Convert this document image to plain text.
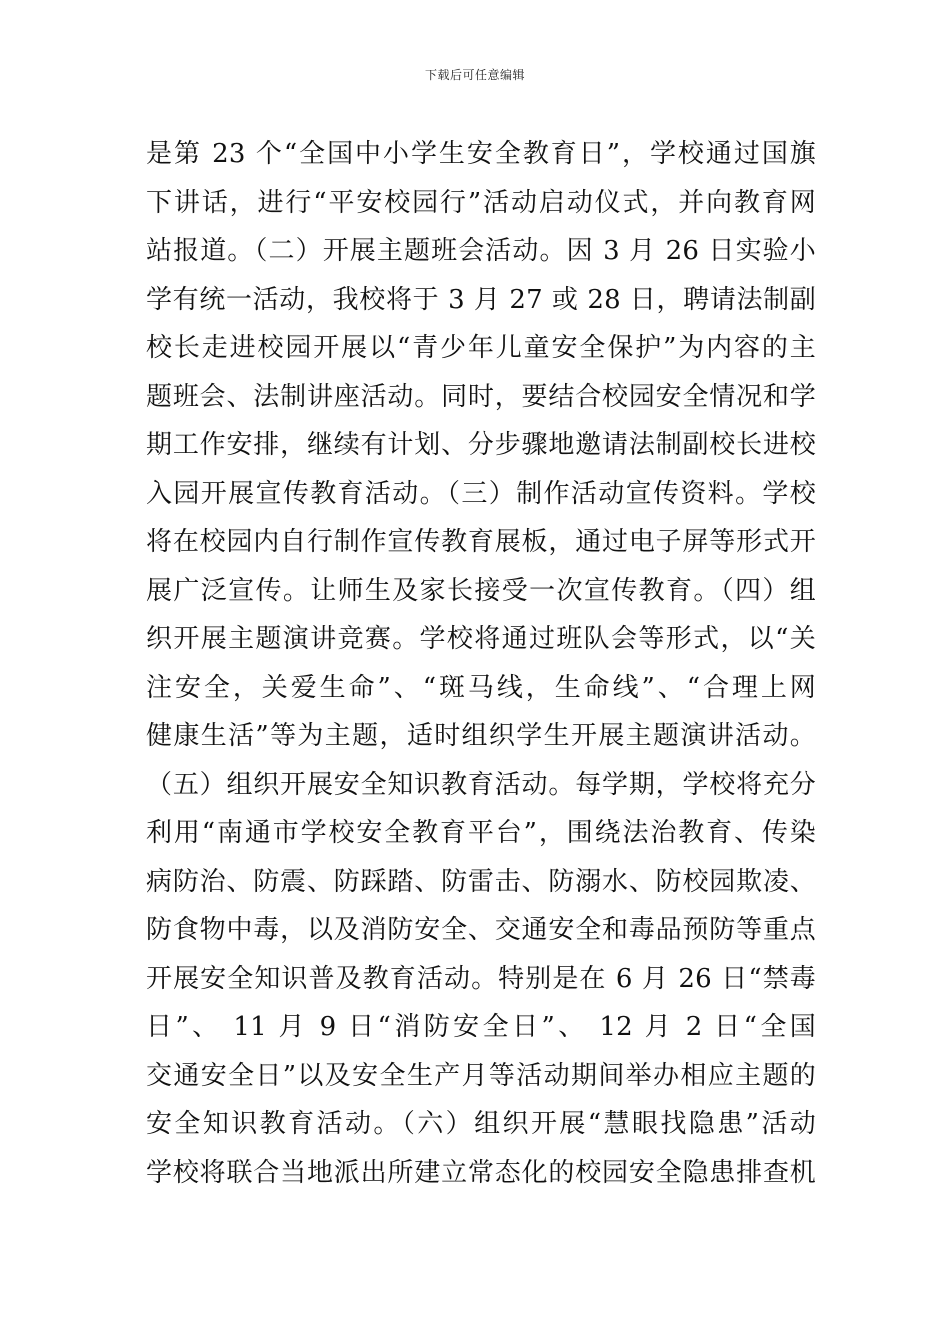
下载后可任意编辑
是第 23 个“全国中小学生安全教育日”，学校通过国旗
下讲话，进行“平安校园行”活动启动仪式，并向教育网
站报道。（二）开展主题班会活动。因 3 月 26 日实验小
学有统一活动，我校将于 3 月 27 或 28 日，聘请法制副
校长走进校园开展以“青少年儿童安全保护”为内容的主
题班会、法制讲座活动。同时，要结合校园安全情况和学
期工作安排，继续有计划、分步骤地邀请法制副校长进校
入园开展宣传教育活动。（三）制作活动宣传资料。学校
将在校园内自行制作宣传教育展板，通过电子屏等形式开
展广泛宣传。让师生及家长接受一次宣传教育。（四）组
织开展主题演讲竞赛。学校将通过班队会等形式，以“关
注安全，关爱生命”、“斑马线，生命线”、“合理上网
健康生活”等为主题，适时组织学生开展主题演讲活动。
（五）组织开展安全知识教育活动。每学期，学校将充分
利用“南通市学校安全教育平台”，围绕法治教育、传染
病防治、防震、防踩踏、防雷击、防溺水、防校园欺凌、
防食物中毒，以及消防安全、交通安全和毒品预防等重点
开展安全知识普及教育活动。特别是在 6 月 26 日“禁毒
日”、 11 月 9 日“消防安全日”、 12 月 2 日“全国
交通安全日”以及安全生产月等活动期间举办相应主题的
安全知识教育活动。（六）组织开展“慧眼找隐患”活动
学校将联合当地派出所建立常态化的校园安全隐患排查机
